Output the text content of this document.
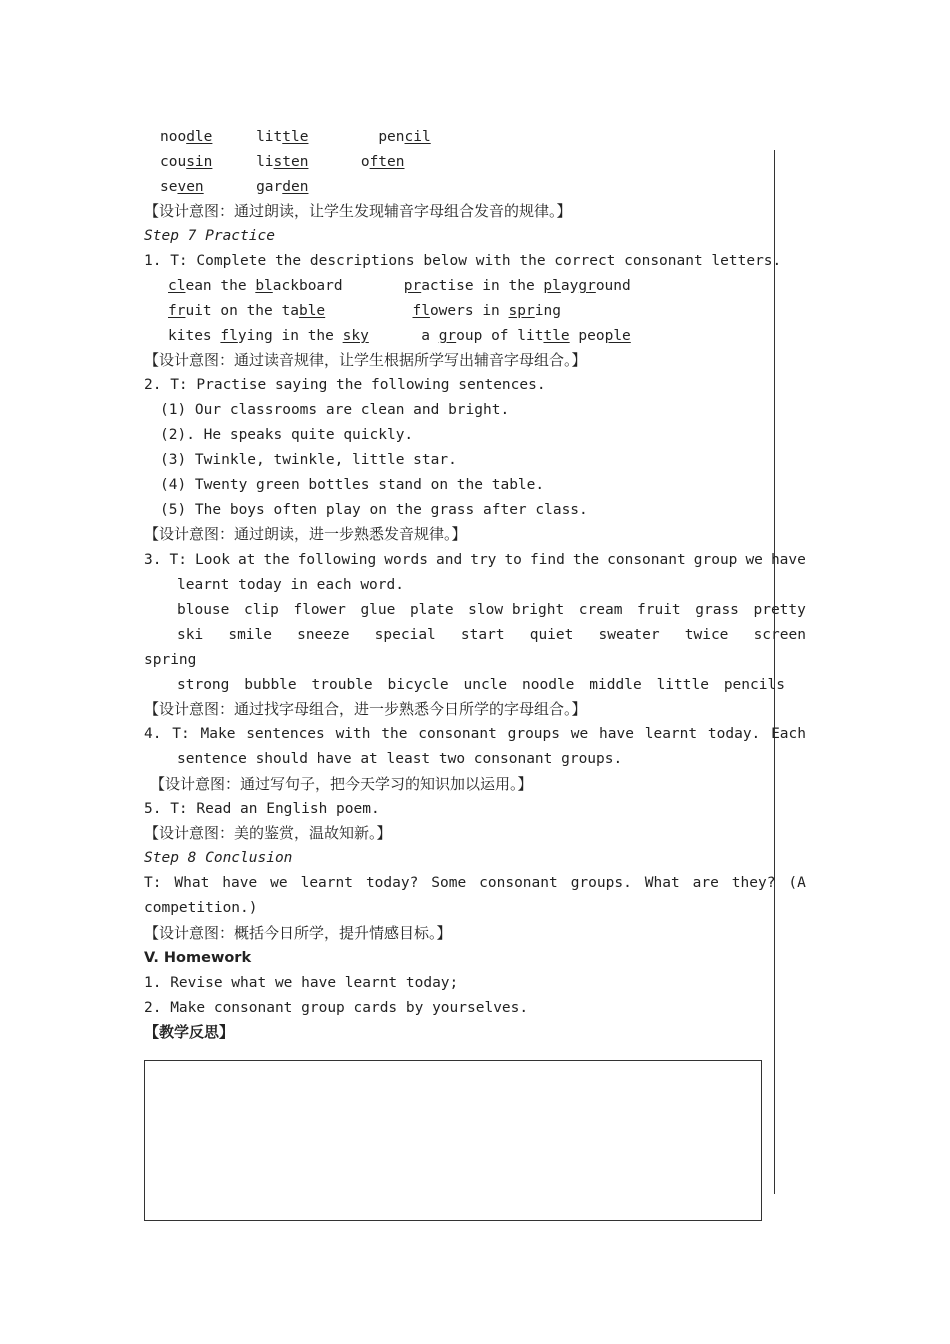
noodle	little	pencil
cousin	listen	often
seven	garden
【设计意图：通过朗读，让学生发现辅音字母组合发音的规律。】
Step 7 Practice
1. T: Complete the descriptions below with the correct consonant letters.
clean the blackboard	practise in the playground
fruit on the table	flowers in spring
kites flying in the sky	a group of little people
【设计意图：通过读音规律，让学生根据所学写出辅音字母组合。】
2. T: Practise saying the following sentences.
(1) Our classrooms are clean and bright.
(2). He speaks quite quickly.
(3) Twinkle, twinkle, little star.
(4) Twenty green bottles stand on the table.
(5) The boys often play on the grass after class.
【设计意图：通过朗读，进一步熟悉发音规律。】
3. T: Look at the following words and try to find the consonant group we have
learnt today in each word.
blouse clip flower glue plate slow bright cream fruit grass pretty
ski smile sneeze special start quiet sweater twice screen
spring
strong bubble trouble bicycle uncle noodle middle little pencils
【设计意图：通过找字母组合，进一步熟悉今日所学的字母组合。】
4. T: Make sentences with the consonant groups we have learnt today. Each
sentence should have at least two consonant groups.
【设计意图：通过写句子，把今天学习的知识加以运用。】
5. T: Read an English poem.
【设计意图：美的鉴赏，温故知新。】
Step 8 Conclusion
T: What have we learnt today? Some consonant groups. What are they? (A
competition.)
【设计意图：概括今日所学，提升情感目标。】
V. Homework
1. Revise what we have learnt today;
2. Make consonant group cards by yourselves.
【教学反思】
